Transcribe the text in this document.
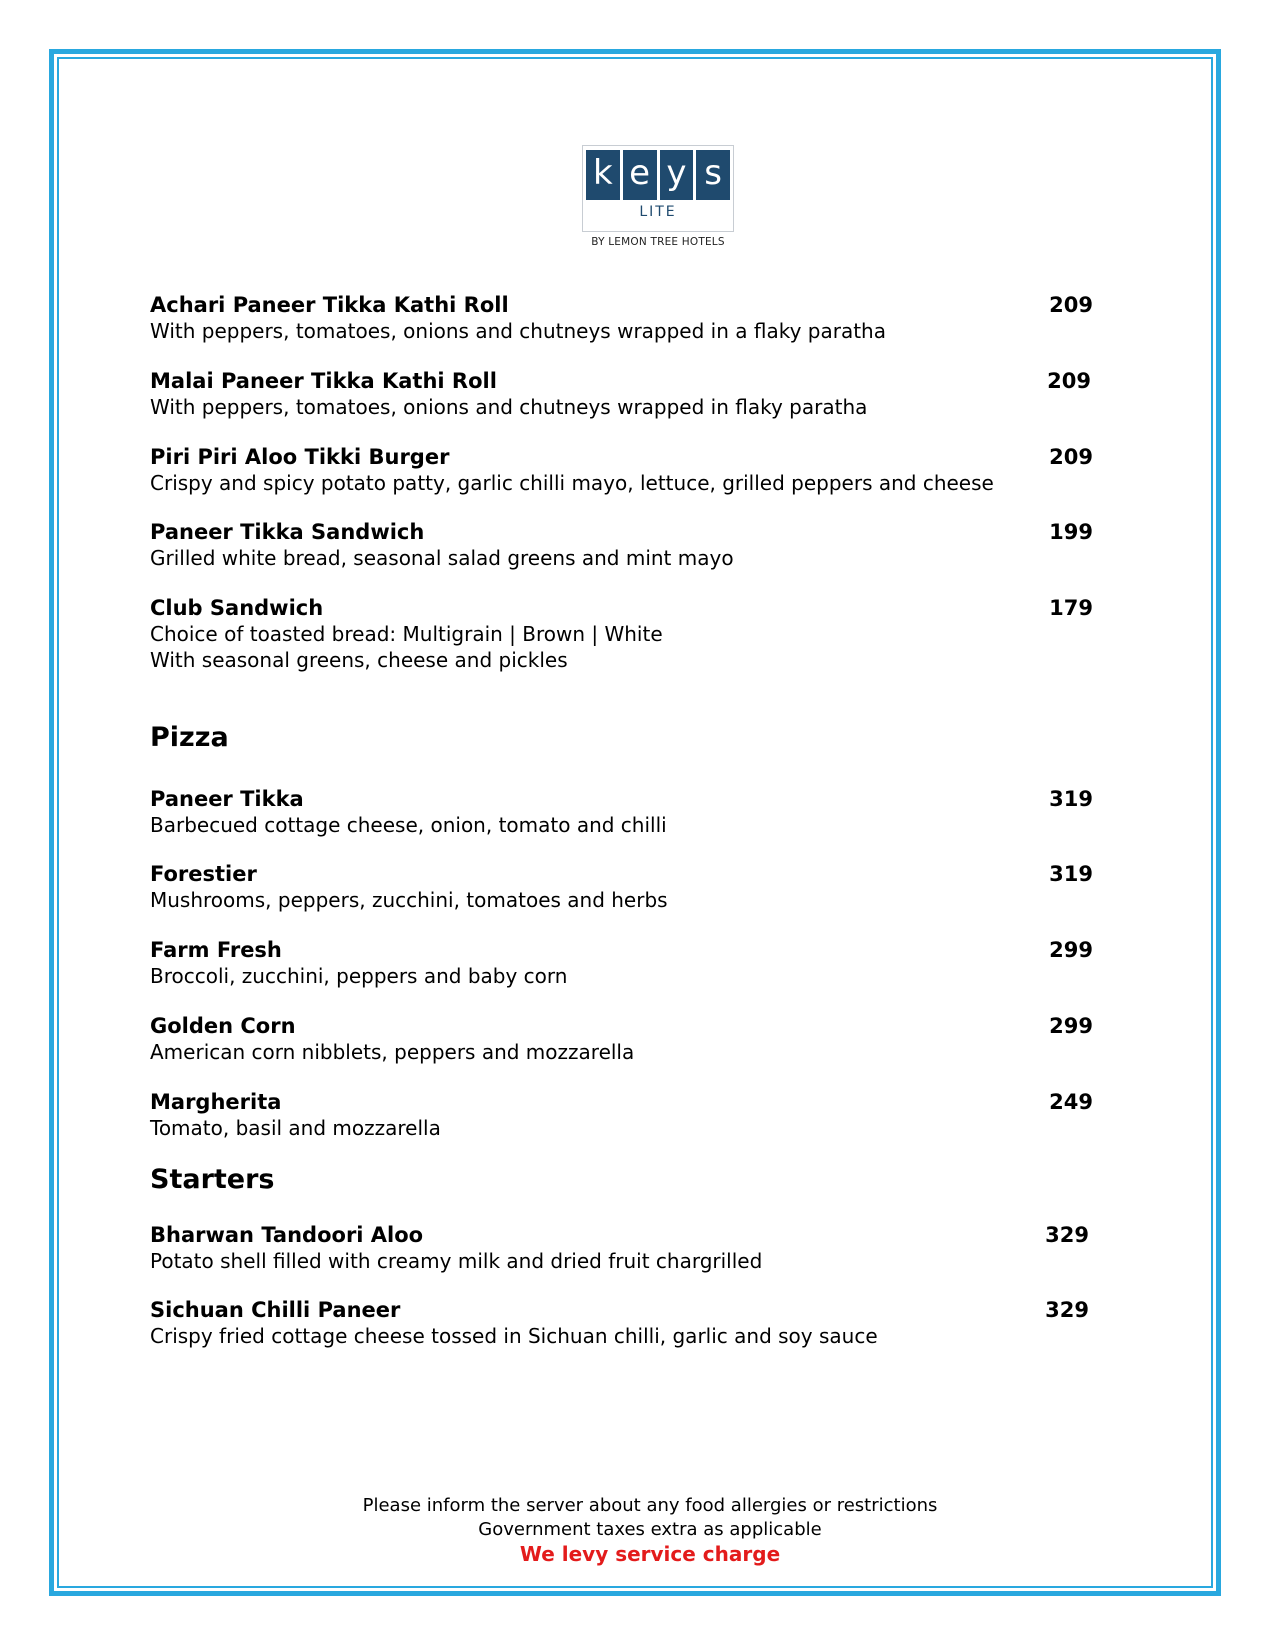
k e y s
LITE
BY LEMON TREE HOTELS
Achari Paneer Tikka Kathi Roll	209
With peppers, tomatoes, onions and chutneys wrapped in a flaky paratha
Malai Paneer Tikka Kathi Roll	209
With peppers, tomatoes, onions and chutneys wrapped in flaky paratha
Piri Piri Aloo Tikki Burger	209
Crispy and spicy potato patty, garlic chilli mayo, lettuce, grilled peppers and cheese
Paneer Tikka Sandwich	199
Grilled white bread, seasonal salad greens and mint mayo
Club Sandwich	179
Choice of toasted bread: Multigrain | Brown | White
With seasonal greens, cheese and pickles
Pizza
Paneer Tikka	319
Barbecued cottage cheese, onion, tomato and chilli
Forestier	319
Mushrooms, peppers, zucchini, tomatoes and herbs
Farm Fresh	299
Broccoli, zucchini, peppers and baby corn
Golden Corn	299
American corn nibblets, peppers and mozzarella
Margherita	249
Tomato, basil and mozzarella
Starters
Bharwan Tandoori Aloo	329
Potato shell filled with creamy milk and dried fruit chargrilled
Sichuan Chilli Paneer	329
Crispy fried cottage cheese tossed in Sichuan chilli, garlic and soy sauce
Please inform the server about any food allergies or restrictions
Government taxes extra as applicable
We levy service charge
